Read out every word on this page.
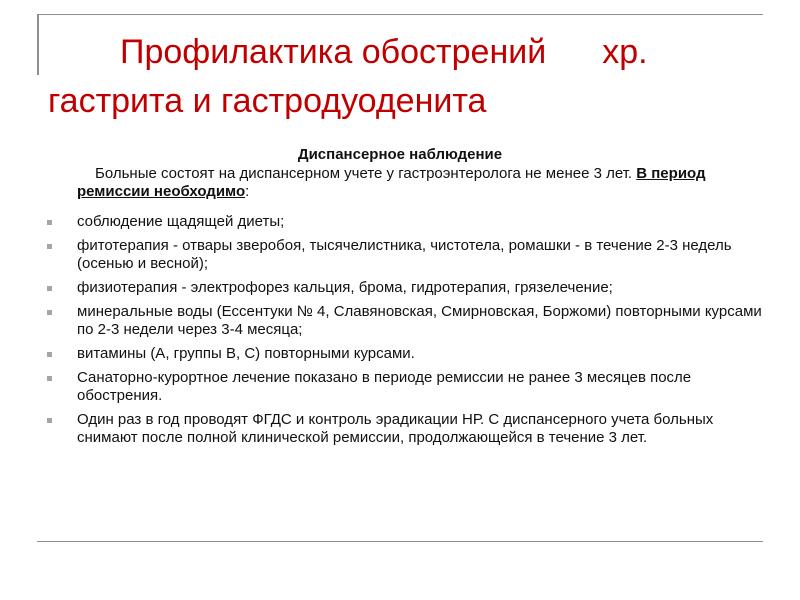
Профилактика обострений хр.
гастрита и гастродуоденита
Диспансерное наблюдение
Больные состоят на диспансерном учете у гастроэнтеролога не менее 3 лет. В период ремиссии необходимо:
соблюдение щадящей диеты;
фитотерапия - отвары зверобоя, тысячелистника, чистотела, ромашки - в течение 2-3 недель (осенью и весной);
физиотерапия - электрофорез кальция, брома, гидротерапия, грязелечение;
минеральные воды (Ессентуки № 4, Славяновская, Смирновская, Боржоми) повторными курсами по 2-3 недели через 3-4 месяца;
витамины (А, группы В, С) повторными курсами.
Санаторно-курортное лечение показано в периоде ремиссии не ранее 3 месяцев после обострения.
Один раз в год проводят ФГДС и контроль эрадикации НР. С диспансерного учета больных снимают после полной клинической ремиссии, продолжающейся в течение 3 лет.
